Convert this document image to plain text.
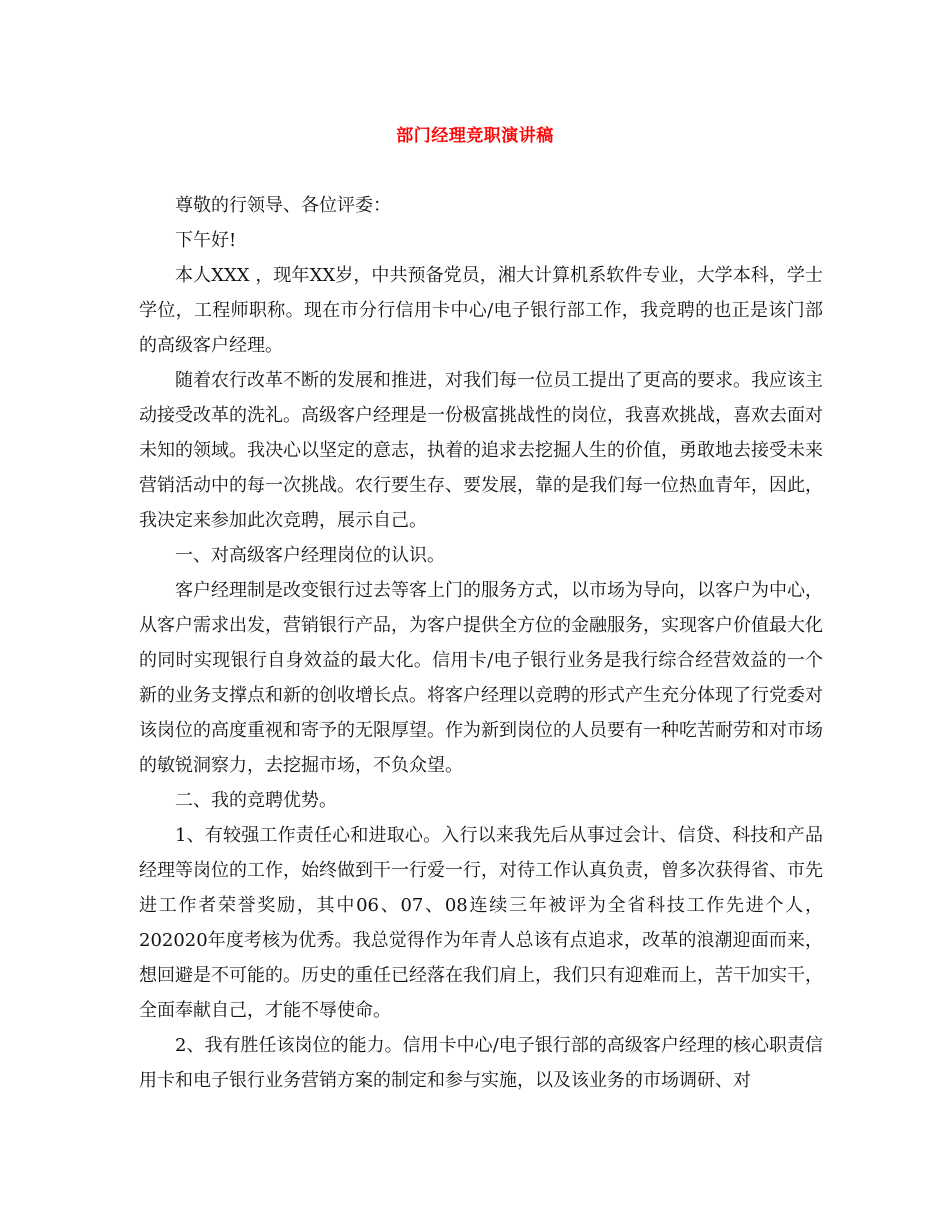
部门经理竞职演讲稿

尊敬的行领导、各位评委：

下午好!

本人XXX ，现年XX岁，中共预备党员，湘大计算机系软件专业，大学本科，学士学位，工程师职称。现在市分行信用卡中心/电子银行部工作，我竞聘的也正是该门部的高级客户经理。

随着农行改革不断的发展和推进，对我们每一位员工提出了更高的要求。我应该主动接受改革的洗礼。高级客户经理是一份极富挑战性的岗位，我喜欢挑战，喜欢去面对未知的领域。我决心以坚定的意志，执着的追求去挖掘人生的价值，勇敢地去接受未来营销活动中的每一次挑战。农行要生存、要发展，靠的是我们每一位热血青年，因此，我决定来参加此次竞聘，展示自己。

一、对高级客户经理岗位的认识。

客户经理制是改变银行过去等客上门的服务方式，以市场为导向，以客户为中心，从客户需求出发，营销银行产品，为客户提供全方位的金融服务，实现客户价值最大化的同时实现银行自身效益的最大化。信用卡/电子银行业务是我行综合经营效益的一个新的业务支撑点和新的创收增长点。将客户经理以竞聘的形式产生充分体现了行党委对该岗位的高度重视和寄予的无限厚望。作为新到岗位的人员要有一种吃苦耐劳和对市场的敏锐洞察力，去挖掘市场，不负众望。

二、我的竞聘优势。

1、有较强工作责任心和进取心。入行以来我先后从事过会计、信贷、科技和产品经理等岗位的工作，始终做到干一行爱一行，对待工作认真负责，曾多次获得省、市先进工作者荣誉奖励，其中06、07、08连续三年被评为全省科技工作先进个人，202020年度考核为优秀。我总觉得作为年青人总该有点追求，改革的浪潮迎面而来，想回避是不可能的。历史的重任已经落在我们肩上，我们只有迎难而上，苦干加实干，全面奉献自己，才能不辱使命。

2、我有胜任该岗位的能力。信用卡中心/电子银行部的高级客户经理的核心职责信用卡和电子银行业务营销方案的制定和参与实施，以及该业务的市场调研、对
